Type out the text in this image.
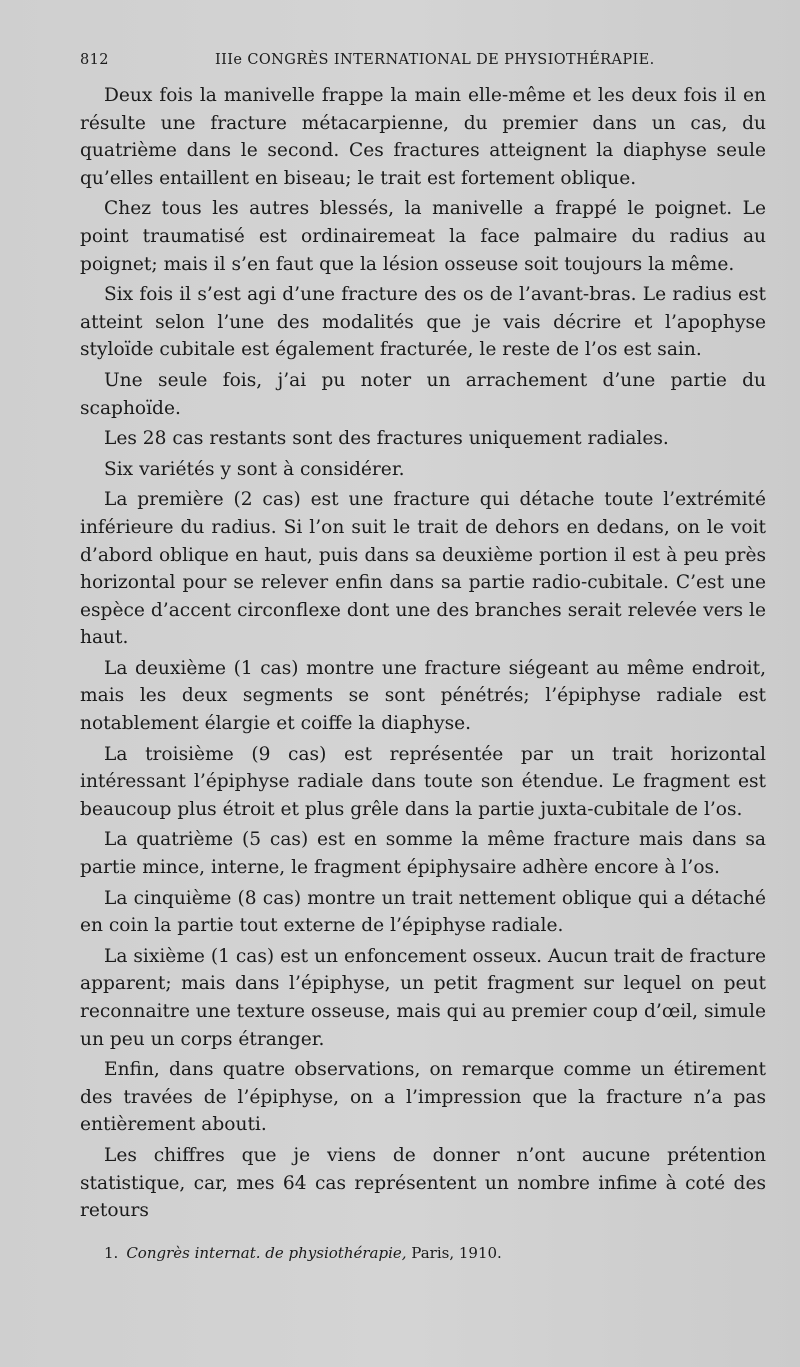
812	IIIe CONGRÈS INTERNATIONAL DE PHYSIOTHÉRAPIE.

Deux fois la manivelle frappe la main elle-même et les deux fois il en résulte une fracture métacarpienne, du premier dans un cas, du quatrième dans le second. Ces fractures atteignent la diaphyse seule qu’elles entaillent en biseau; le trait est fortement oblique.

Chez tous les autres blessés, la manivelle a frappé le poignet. Le point traumatisé est ordinairemeat la face palmaire du radius au poignet; mais il s’en faut que la lésion osseuse soit toujours la même.

Six fois il s’est agi d’une fracture des os de l’avant-bras. Le radius est atteint selon l’une des modalités que je vais décrire et l’apophyse styloïde cubitale est également fracturée, le reste de l’os est sain.

Une seule fois, j’ai pu noter un arrachement d’une partie du scaphoïde.

Les 28 cas restants sont des fractures uniquement radiales.

Six variétés y sont à considérer.

La première (2 cas) est une fracture qui détache toute l’extrémité inférieure du radius. Si l’on suit le trait de dehors en dedans, on le voit d’abord oblique en haut, puis dans sa deuxième portion il est à peu près horizontal pour se relever enfin dans sa partie radio-cubitale. C’est une espèce d’accent circonflexe dont une des branches serait relevée vers le haut.

La deuxième (1 cas) montre une fracture siégeant au même endroit, mais les deux segments se sont pénétrés; l’épiphyse radiale est notablement élargie et coiffe la diaphyse.

La troisième (9 cas) est représentée par un trait horizontal intéressant l’épiphyse radiale dans toute son étendue. Le fragment est beaucoup plus étroit et plus grêle dans la partie juxta-cubitale de l’os.

La quatrième (5 cas) est en somme la même fracture mais dans sa partie mince, interne, le fragment épiphysaire adhère encore à l’os.

La cinquième (8 cas) montre un trait nettement oblique qui a détaché en coin la partie tout externe de l’épiphyse radiale.

La sixième (1 cas) est un enfoncement osseux. Aucun trait de fracture apparent; mais dans l’épiphyse, un petit fragment sur lequel on peut reconnaitre une texture osseuse, mais qui au premier coup d’œil, simule un peu un corps étranger.

Enfin, dans quatre observations, on remarque comme un étirement des travées de l’épiphyse, on a l’impression que la fracture n’a pas entièrement abouti.

Les chiffres que je viens de donner n’ont aucune prétention statistique, car, mes 64 cas représentent un nombre infime à coté des retours

1. Congrès internat. de physiothérapie, Paris, 1910.
